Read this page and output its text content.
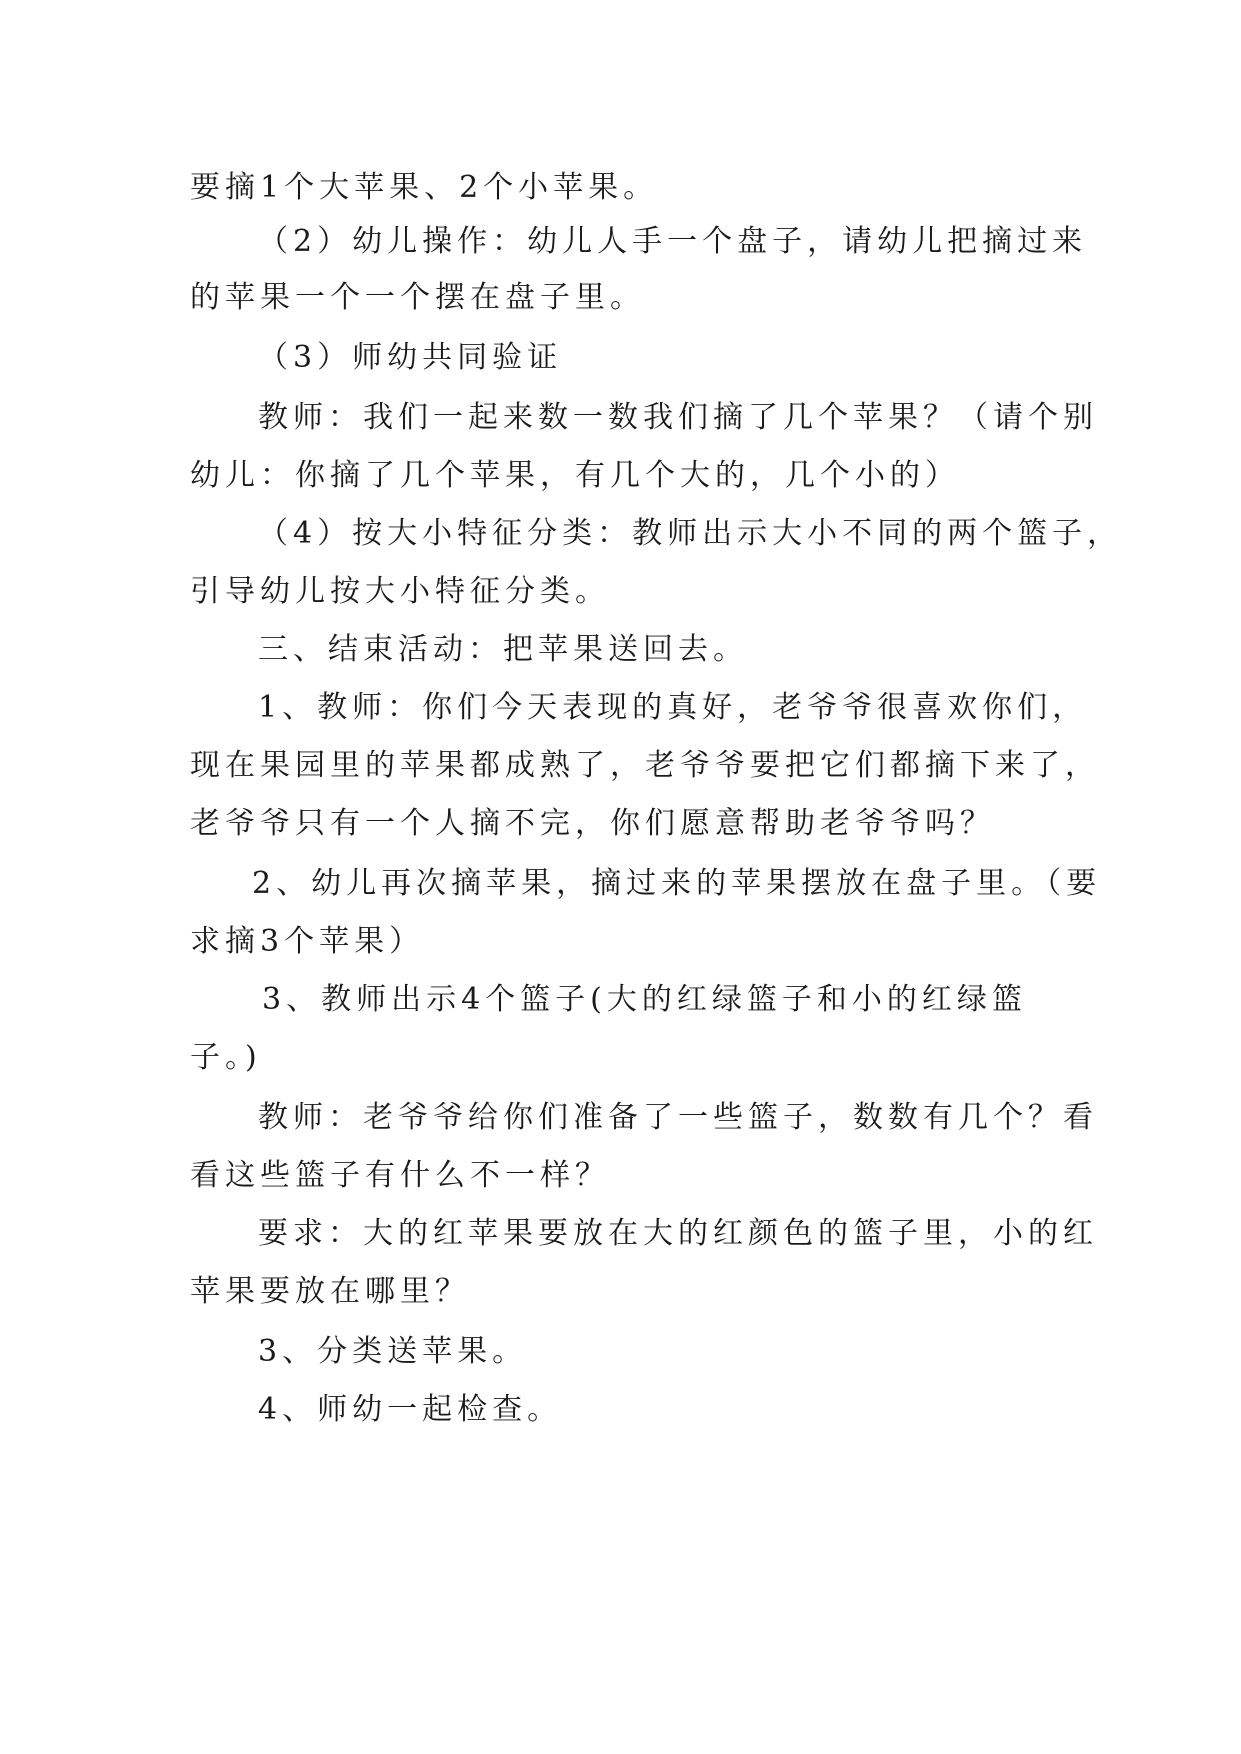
要摘1个大苹果、2个小苹果。
（2）幼儿操作：幼儿人手一个盘子，请幼儿把摘过来
的苹果一个一个摆在盘子里。
（3）师幼共同验证
教师：我们一起来数一数我们摘了几个苹果？（请个别
幼儿：你摘了几个苹果，有几个大的，几个小的）
（4）按大小特征分类：教师出示大小不同的两个篮子，
引导幼儿按大小特征分类。
三、结束活动：把苹果送回去。
1、教师：你们今天表现的真好，老爷爷很喜欢你们，
现在果园里的苹果都成熟了，老爷爷要把它们都摘下来了，
老爷爷只有一个人摘不完，你们愿意帮助老爷爷吗？
2、幼儿再次摘苹果，摘过来的苹果摆放在盘子里。（要
求摘3个苹果）
3、教师出示4个篮子(大的红绿篮子和小的红绿篮
子。)
教师：老爷爷给你们准备了一些篮子，数数有几个？看
看这些篮子有什么不一样？
要求：大的红苹果要放在大的红颜色的篮子里，小的红
苹果要放在哪里？
3、分类送苹果。
4、师幼一起检查。
